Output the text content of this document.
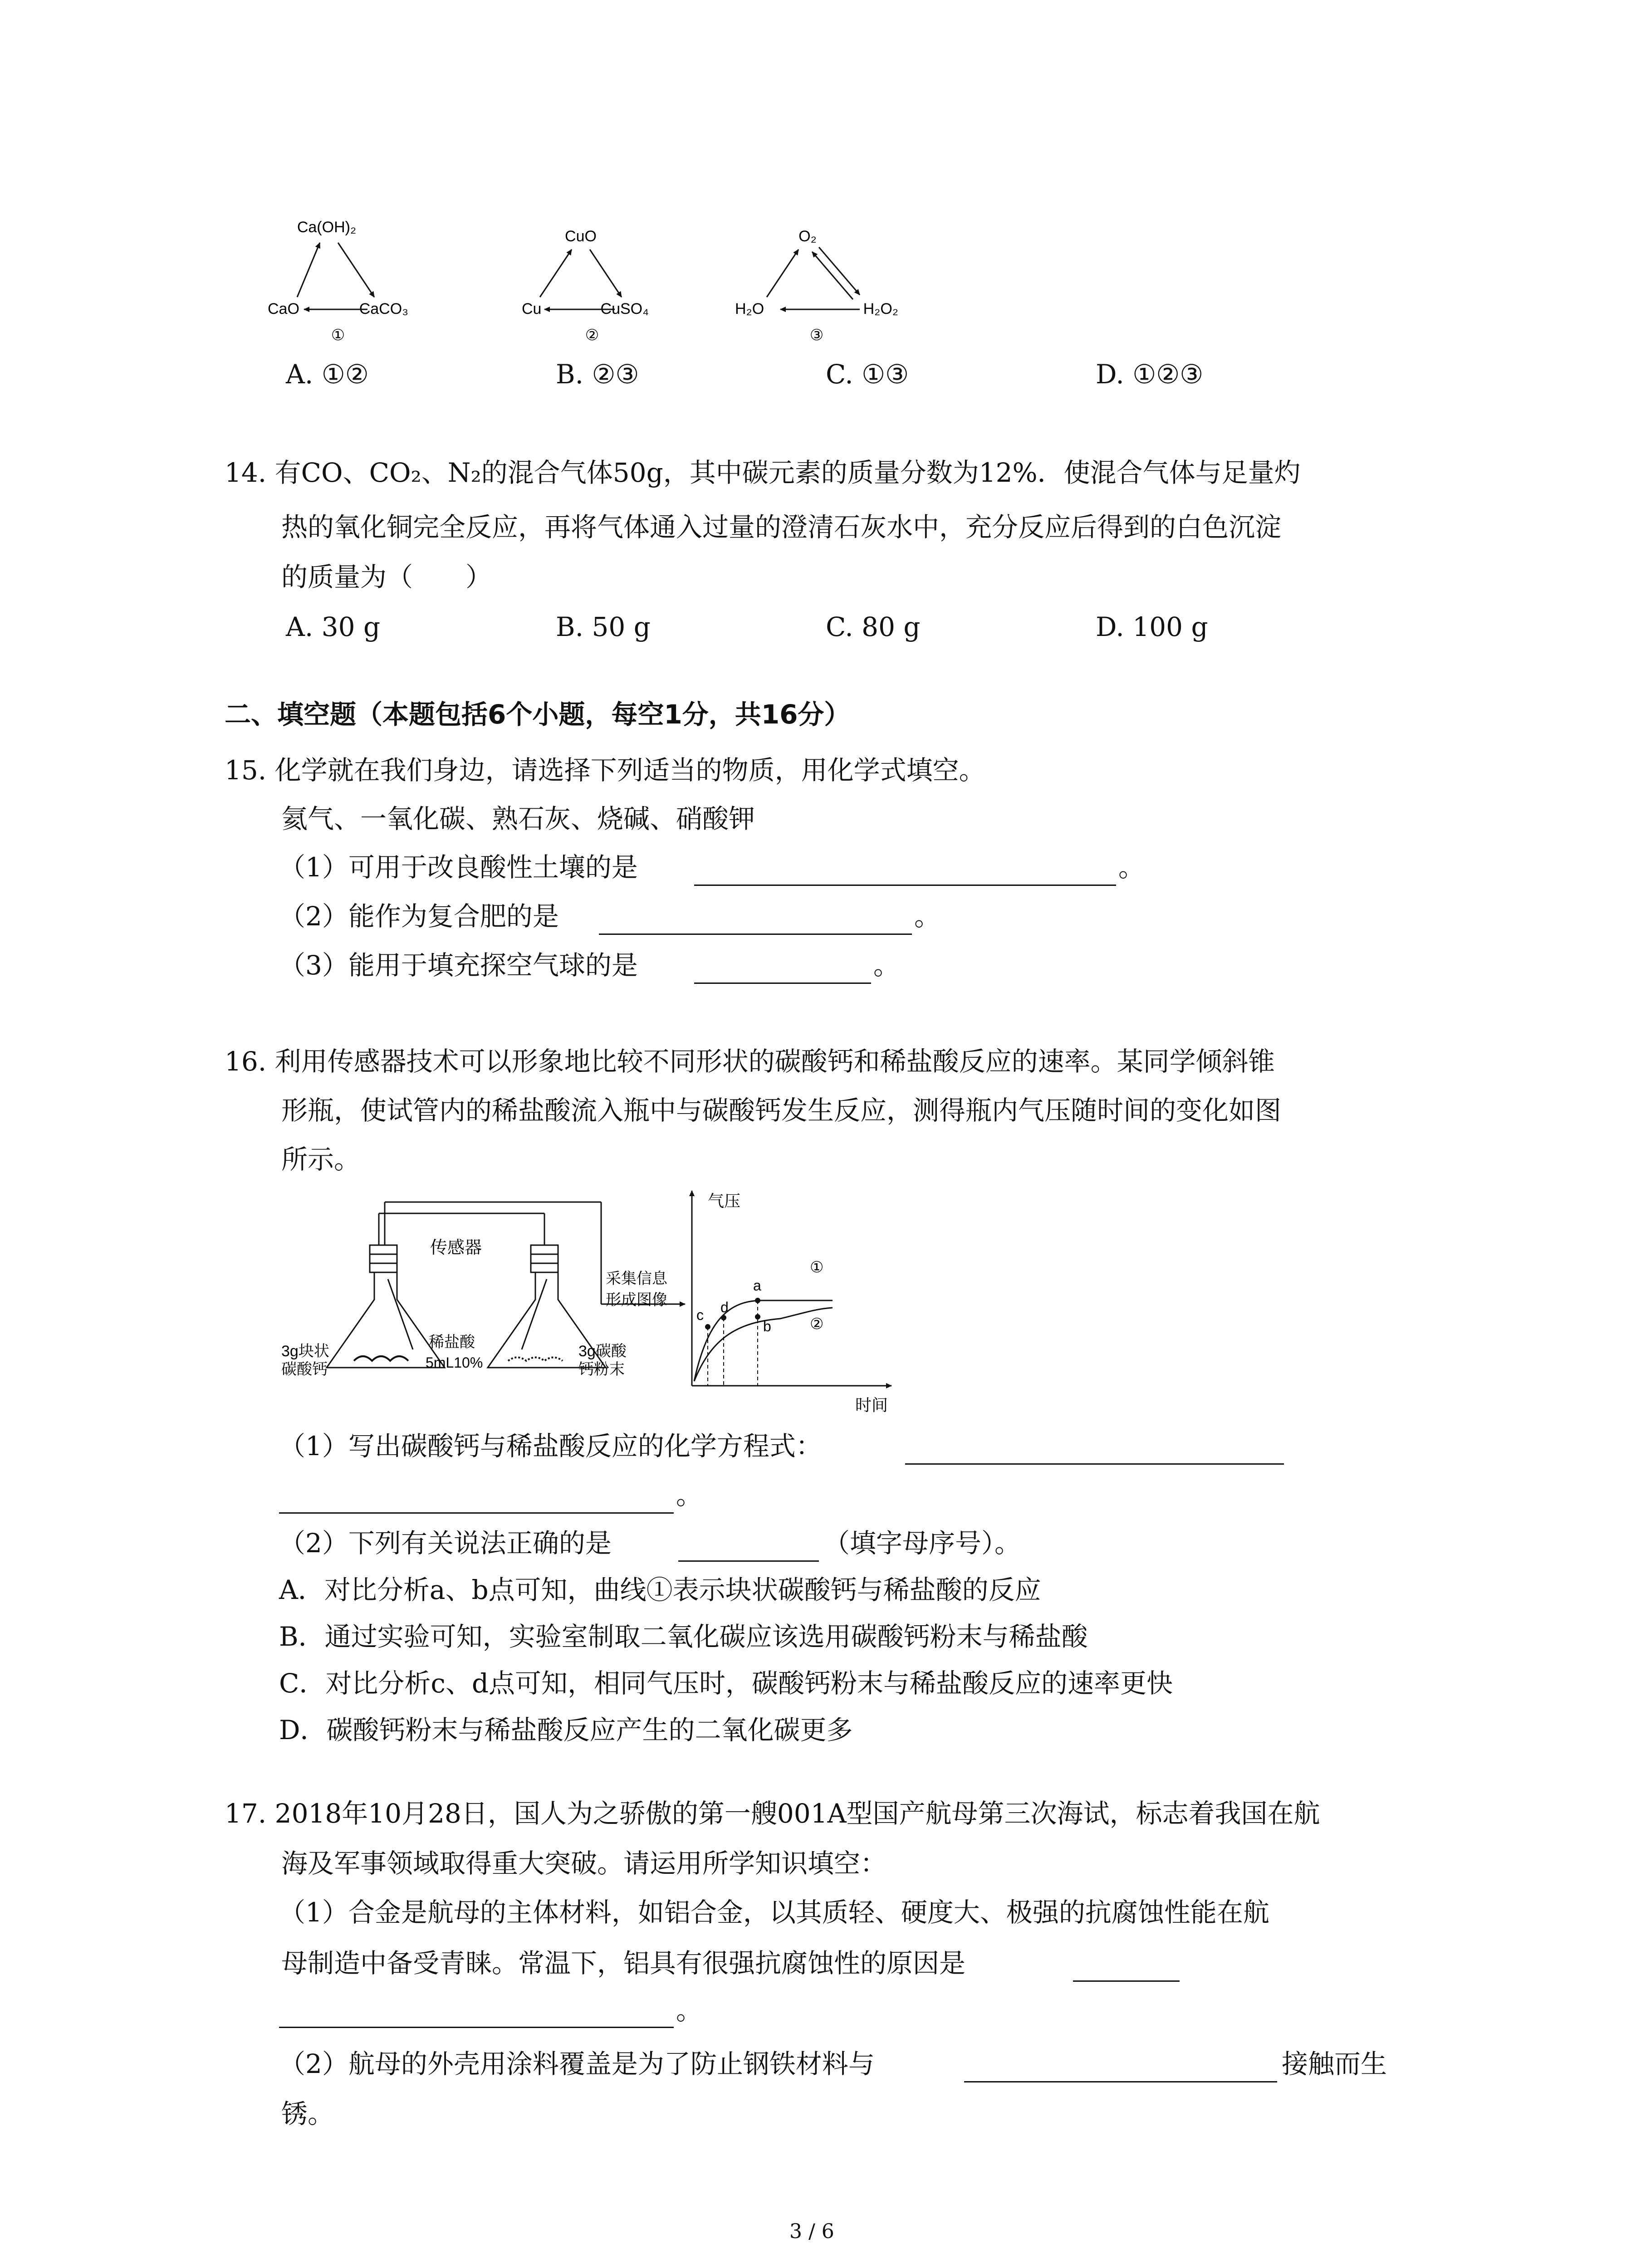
Ca(OH)₂
CaO	CaCO₃
①
CuO
Cu	CuSO₄
②
O₂
H₂O	H₂O₂
③
A. ①②	B. ②③	C. ①③	D. ①②③
14. 有CO、CO₂、N₂的混合气体50g，其中碳元素的质量分数为12%．使混合气体与足量灼
热的氧化铜完全反应，再将气体通入过量的澄清石灰水中，充分反应后得到的白色沉淀
的质量为（　　）
A. 30 g	B. 50 g	C. 80 g	D. 100 g
二、填空题（本题包括6个小题，每空1分，共16分）
15. 化学就在我们身边，请选择下列适当的物质，用化学式填空。
氦气、一氧化碳、熟石灰、烧碱、硝酸钾
（1）可用于改良酸性土壤的是	。
（2）能作为复合肥的是	。
（3）能用于填充探空气球的是	。
16. 利用传感器技术可以形象地比较不同形状的碳酸钙和稀盐酸反应的速率。某同学倾斜锥
形瓶，使试管内的稀盐酸流入瓶中与碳酸钙发生反应，测得瓶内气压随时间的变化如图
所示。
传感器
3g块状
碳酸钙
稀盐酸
5mL10%
3g碳酸
钙粉末
采集信息
形成图像
气压
时间
a
b
c d
①
②
（1）写出碳酸钙与稀盐酸反应的化学方程式：
。
（2）下列有关说法正确的是	（填字母序号）。
A．对比分析a、b点可知，曲线①表示块状碳酸钙与稀盐酸的反应
B．通过实验可知，实验室制取二氧化碳应该选用碳酸钙粉末与稀盐酸
C．对比分析c、d点可知，相同气压时，碳酸钙粉末与稀盐酸反应的速率更快
D．碳酸钙粉末与稀盐酸反应产生的二氧化碳更多
17. 2018年10月28日，国人为之骄傲的第一艘001A型国产航母第三次海试，标志着我国在航
海及军事领域取得重大突破。请运用所学知识填空：
（1）合金是航母的主体材料，如铝合金，以其质轻、硬度大、极强的抗腐蚀性能在航
母制造中备受青睐。常温下，铝具有很强抗腐蚀性的原因是
。
（2）航母的外壳用涂料覆盖是为了防止钢铁材料与	接触而生
锈。
3 / 6
